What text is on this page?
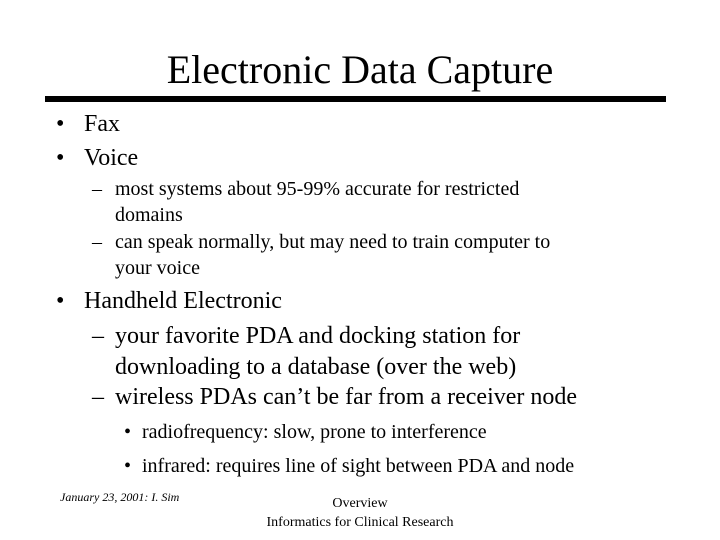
Electronic Data Capture
• Fax
• Voice
– most systems about 95-99% accurate for restricted
domains
– can speak normally, but may need to train computer to
your voice
• Handheld Electronic
– your favorite PDA and docking station for
downloading to a database (over the web)
– wireless PDAs can’t be far from a receiver node
• radiofrequency: slow, prone to interference
• infrared: requires line of sight between PDA and node
January 23, 2001: I. Sim	Overview
Informatics for Clinical Research
